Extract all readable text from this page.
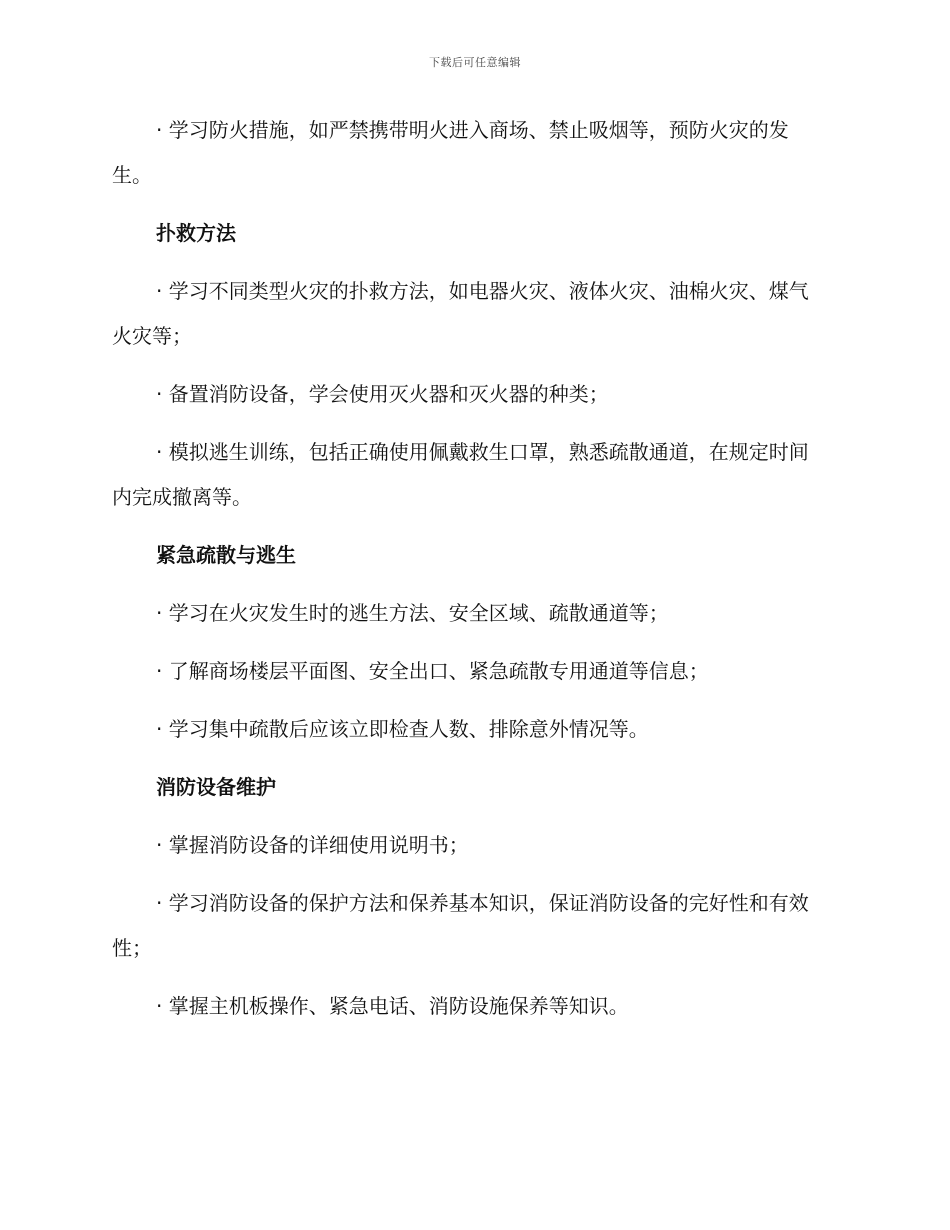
下载后可任意编辑

· 学习防火措施，如严禁携带明火进入商场、禁止吸烟等，预防火灾的发生。

扑救方法

· 学习不同类型火灾的扑救方法，如电器火灾、液体火灾、油棉火灾、煤气火灾等；

· 备置消防设备，学会使用灭火器和灭火器的种类；

· 模拟逃生训练，包括正确使用佩戴救生口罩，熟悉疏散通道，在规定时间内完成撤离等。

紧急疏散与逃生

· 学习在火灾发生时的逃生方法、安全区域、疏散通道等；

· 了解商场楼层平面图、安全出口、紧急疏散专用通道等信息；

· 学习集中疏散后应该立即检查人数、排除意外情况等。

消防设备维护

· 掌握消防设备的详细使用说明书；

· 学习消防设备的保护方法和保养基本知识，保证消防设备的完好性和有效性；

· 掌握主机板操作、紧急电话、消防设施保养等知识。
